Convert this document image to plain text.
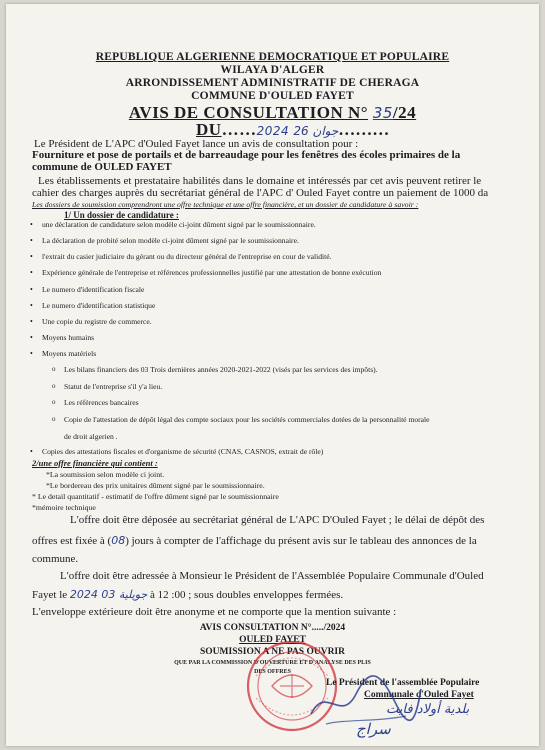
REPUBLIQUE ALGERIENNE DEMOCRATIQUE ET POPULAIRE
WILAYA D'ALGER
ARRONDISSEMENT ADMINISTRATIF DE CHERAGA
COMMUNE D'OULED FAYET
AVIS DE CONSULTATION N° 35/24
DU……2024 جوان 26………
Le Président de L'APC d'Ouled Fayet lance un avis de consultation pour :
Fourniture et pose de portails et de barreaudage pour les fenêtres des écoles primaires de la
commune de OULED FAYET
Les établissements et prestataire habilités dans le domaine et intéressés par cet avis peuvent retirer le
cahier des charges auprès du secrétariat général de l'APC d' Ouled Fayet contre un paiement de 1000 da
Les dossiers de soumission comprendront une offre technique et une offre financière, et un dossier de candidature à savoir :
1/ Un dossier de candidature :
• une déclaration de candidature selon modèle ci-joint dûment signé par le soumissionnaire.
• La déclaration de probité selon modèle ci-joint dûment signé par le soumissionnaire.
• l'extrait du casier judiciaire du gérant ou du directeur général de l'entreprise en cour de validité.
• Expérience générale de l'entreprise et références professionnelles justifié par une attestation de bonne exécution
• Le numero d'identification fiscale
• Le numero d'identification statistique
• Une copie du registre de commerce.
• Moyens humains
• Moyens matériels
o Les bilans financiers des 03 Trois dernières années 2020-2021-2022 (visés par les services des impôts).
o Statut de l'entreprise s'il y'a lieu.
o Les références bancaires
o Copie de l'attestation de dépôt légal des compte sociaux pour les sociétés commerciales dotées de la personnalité morale
de droit algerien .
• Copies des attestations fiscales et d'organisme de sécurité (CNAS, CASNOS, extrait de rôle)
2/une offre financière qui contient :
*La soumission selon modèle ci joint.
*Le bordereau des prix unitaires dûment signé par le soumissionnaire.
* Le detail quantitatif - estimatif de l'offre dûment signé par le soumissionnaire
*mémoire technique
L'offre doit être déposée au secrétariat général de L'APC D'Ouled Fayet ; le délai de dépôt des
offres est fixée à (08) jours à compter de l'affichage du présent avis sur le tableau des annonces de la
commune.
L'offre doit être adressée à Monsieur le Président de l'Assemblée Populaire Communale d'Ouled
Fayet le 2024 جويلية 03 à 12 :00 ; sous doubles enveloppes fermées.
L'enveloppe extérieure doit être anonyme et ne comporte que la mention suivante :
AVIS CONSULTATION N°...../2024
OULED FAYET
SOUMISSION A NE PAS OUVRIR
QUE PAR LA COMMISSION D'OUVERTURE ET D'ANALYSE DES PLIS
DES OFFRES
Le Président de l'assemblée Populaire
Communale d'Ouled Fayet
بلدية أولاد فايت
سراج
